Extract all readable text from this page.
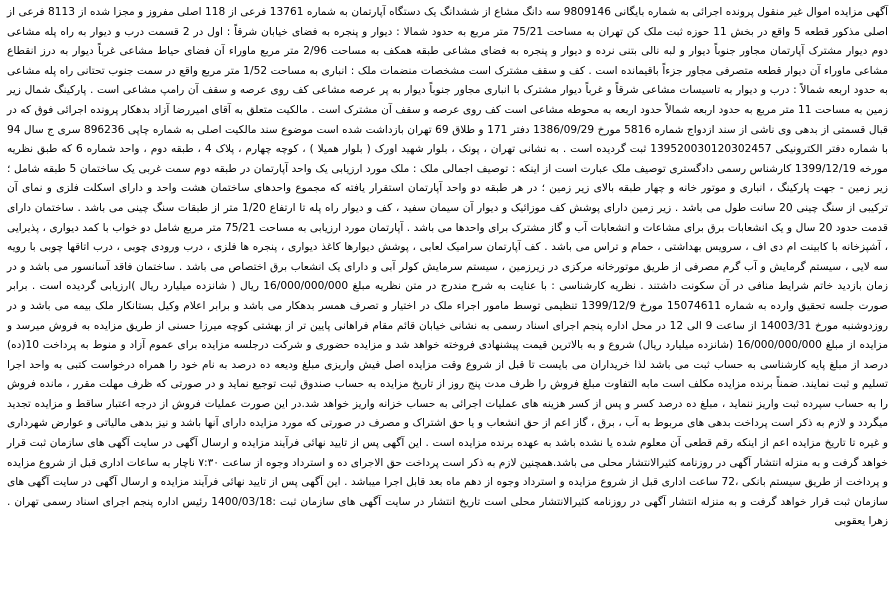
آگهی مزایده اموال غیر منقول پرونده اجرائی به شماره بایگانی 9809146 سه دانگ مشاع از ششدانگ یک دستگاه آپارتمان به شماره 13761 فرعی از 118 اصلی مفروز و مجزا شده از 8113 فرعی از اصلی مذکور قطعه 5 واقع در بخش 11 حوزه ثبت ملک کن تهران به مساحت 75/21 متر مربع به حدود شمالا : دیوار و پنجره به فضای خیابان شرقاً : اول در 2 قسمت درب و دیوار به راه پله مشاعی دوم دیوار مشترک آپارتمان مجاور جنوباً دیوار و لبه نالی بتنی نرده و دیوار و پنجره به فضای مشاعی طبقه همکف به مساحت 2/96 متر مربع ماوراء آن فضای حیاط مشاعی غرباً دیوار به درز انقطاع مشاعی ماوراء آن دیوار قطعه متصرفی مجاور جزءاً باقیمانده است . کف و سقف مشترک است مشخصات منضمات ملک : انباری به مساحت 1/52 متر مربع واقع در سمت جنوب تحتانی راه پله مشاعی به حدود اربعه شمالاً : درب و دیوار به تاسیسات مشاعی شرقاً و غرباً دیوار مشترک با انباری مجاور جنوباً دیوار به پر عرصه مشاعی کف روی عرصه و سقف آن رامپ مشاعی است . پارکینگ شمال زیر زمین به مساحت 11 متر مربع به حدود اربعه شمالاً حدود اربعه به محوطه مشاعی است کف روی عرصه و سقف آن مشترک است . مالکیت متعلق به آقای امیررضا آزاد بدهکار پرونده اجرائی فوق که در قبال قسمتی از بدهی وی ناشی از سند ازدواج شماره 5816 مورخ 1386/09/29 دفتر 171 و طلاق 69 تهران بازداشت شده است موضوع سند مالکیت اصلی به شماره چاپی 896236 سری ج سال 94 با شماره دفتر الکترونیکی 139520030120302457 ثبت گردیده است . به نشانی تهران ، پونک ، بلوار شهید اورک ( بلوار همیلا ) ، کوچه چهارم ، پلاک 4 ، طبقه دوم ، واحد شماره 6 که طبق نظریه مورخه 1399/12/19 کارشناس رسمی دادگستری توصیف ملک عبارت است از اینکه : توصیف اجمالی ملک : ملک مورد ارزیابی یک واحد آپارتمان در طبقه دوم سمت غربی یک ساختمان 5 طبقه شامل ؛ زیر زمین - جهت پارکینگ ، انباری و موتور خانه و چهار طبقه بالای زیر زمین ؛ در هر طبقه دو واحد آپارتمان استقرار یافته که مجموع واحدهای ساختمان هشت واحد و دارای اسکلت فلزی و نمای آن ترکیبی از سنگ چینی 20 سانت طول می باشد . زیر زمین دارای پوشش کف موزائیک و دیوار آن سیمان سفید ، کف و دیوار راه پله تا ارتفاع 1/20 متر از طبقات سنگ چینی می باشد . ساختمان دارای قدمت حدود 20 سال و یک انشعابات برق برای مشاعات و انشعابات آب و گاز مشترک برای واحدها می باشد . آپارتمان مورد ارزیابی به مساحت 75/21 متر مربع شامل دو خواب با کمد دیواری ، پذیرایی ، آشپزخانه با کابینت ام دی اف ، سرویس بهداشتی ، حمام و تراس می باشد . کف آپارتمان سرامیک لعابی ، پوشش دیوارها کاغذ دیواری ، پنجره ها فلزی ، درب ورودی چوبی ، درب اتاقها چوبی با رویه سه لایی ، سیستم گرمایش و آب گرم مصرفی از طریق موتورخانه مرکزی در زیرزمین ، سیستم سرمایش کولر آبی و دارای یک انشعاب برق اختصاص می باشد . ساختمان فاقد آسانسور می باشد و در زمان بازدید خاتم شرایط منافی در آن سکونت داشتند . نظریه کارشناسی : با عنایت به شرح مندرج در متن نظریه مبلغ 16/000/000/000 ریال ( شانزده میلیارد ریال )ارزیابی گردیده است . برابر صورت جلسه تحقیق وارده به شماره 15074611 مورخ 1399/12/9 تنظیمی توسط مامور اجراء ملک در اختیار و تصرف همسر بدهکار می باشد و برابر اعلام وکیل بستانکار ملک بیمه می باشد و در روزدوشنبه مورخ 14003/31 از ساعت 9 الی 12 در محل اداره پنجم اجرای اسناد رسمی به نشانی خیابان قائم مقام فراهانی پایین تر از بهشتی کوچه میرزا حسنی از طریق مزایده به فروش میرسد و مزایده از مبلغ 16/000/000/000 (شانزده میلیارد ریال) شروع و به بالاترین قیمت پیشنهادی فروخته خواهد شد و مزایده حضوری و شرکت درجلسه مزایده برای عموم آزاد و منوط به پرداخت 10(ده) درصد از مبلغ پایه کارشناسی به حساب ثبت می باشد لذا خریداران می بایست تا قبل از شروع وقت مزایده اصل فیش واریزی مبلغ ودیعه ده درصد به نام خود را همراه درخواست کتبی به واحد اجرا تسلیم و ثبت نمایند. ضمناً برنده مزایده مکلف است مابه التفاوت مبلغ فروش را ظرف مدت پنج روز از تاریخ مزایده به حساب صندوق ثبت توجیع نماید و در صورتی که ظرف مهلت مقرر ، مانده فروش را به حساب سپرده ثبت واریز ننماید ، مبلغ ده درصد کسر و پس از کسر هزینه های عملیات اجرائی به حساب خزانه واریز خواهد شد.در این صورت عملیات فروش از درجه اعتبار ساقط و مزایده تجدید میگردد و لازم به ذکر است پرداخت بدهی های مربوط به آب ، برق ، گاز اعم از حق انشعاب و یا حق اشتراک و مصرف در صورتی که مورد مزایده دارای آنها باشد و نیز بدهی مالیاتی و عوارض شهرداری و غیره تا تاریخ مزایده اعم از اینکه رقم قطعی آن معلوم شده یا نشده باشد به عهده برنده مزایده است . این آگهی پس از تایید نهائی فرآیند مزایده و ارسال آگهی در سایت آگهی های سازمان ثبت قرار خواهد گرفت و به منزله انتشار آگهی در روزنامه کثیرالانتشار محلی می باشد.همچنین لازم به ذکر است پرداخت حق الاجرای ده و استرداد وجوه از ساعت ۷:۳۰ ناچار به ساعات اداری قبل از شروع مزایده و پرداخت از طریق سیستم بانکی ،72 ساعت اداری قبل از شروع مزایده و استرداد وجوه از دهم ماه بعد قابل اجرا میباشد . این آگهی پس از تایید نهائی فرآیند مزایده و ارسال آگهی در سایت آگهی های سازمان ثبت قرار خواهد گرفت و به منزله انتشار آگهی در روزنامه کثیرالانتشار محلی است تاریخ انتشار در سایت آگهی های سازمان ثبت :1400/03/18 رئیس اداره پنجم اجرای اسناد رسمی تهران . زهرا یعقوبی
